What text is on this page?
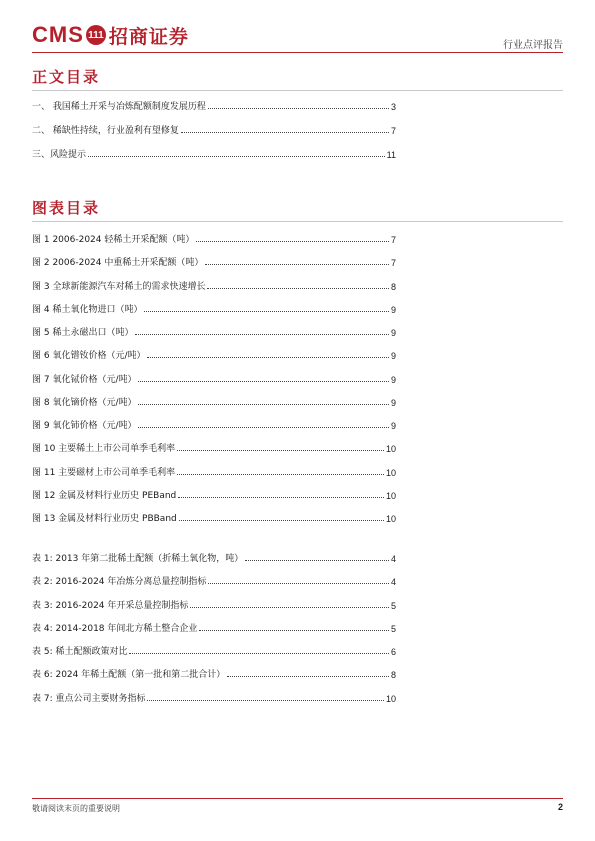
CMS 111 招商证券	行业点评报告
正文目录
一、 我国稀土开采与冶炼配额制度发展历程	3
二、 稀缺性持续，行业盈利有望修复	7
三、风险提示	11
图表目录
图 1 2006-2024 轻稀土开采配额（吨）	7
图 2 2006-2024 中重稀土开采配额（吨）	7
图 3 全球新能源汽车对稀土的需求快速增长	8
图 4 稀土氧化物进口（吨）	9
图 5 稀土永磁出口（吨）	9
图 6 氧化镨钕价格（元/吨）	9
图 7 氧化铽价格（元/吨）	9
图 8 氧化镝价格（元/吨）	9
图 9 氧化铈价格（元/吨）	9
图 10 主要稀土上市公司单季毛利率	10
图 11 主要磁材上市公司单季毛利率	10
图 12 金属及材料行业历史 PEBand	10
图 13 金属及材料行业历史 PBBand	10
表 1: 2013 年第二批稀土配额（折稀土氧化物，吨）	4
表 2: 2016-2024 年冶炼分离总量控制指标	4
表 3: 2016-2024 年开采总量控制指标	5
表 4: 2014-2018 年间北方稀土整合企业	5
表 5: 稀土配额政策对比	6
表 6: 2024 年稀土配额（第一批和第二批合计）	8
表 7: 重点公司主要财务指标	10
敬请阅读末页的重要说明	2
